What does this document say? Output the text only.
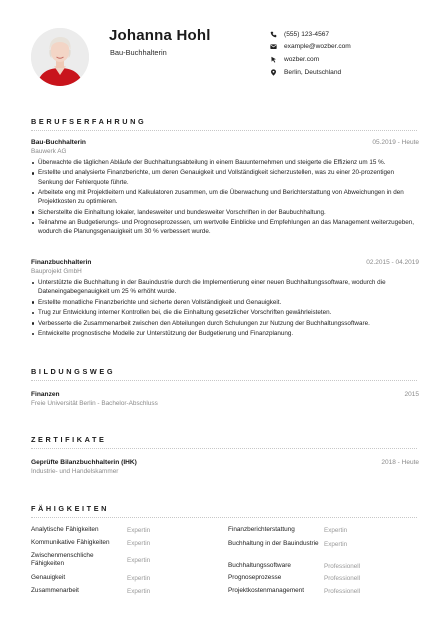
Johanna Hohl
Bau-Buchhalterin
(555) 123-4567
example@wozber.com
wozber.com
Berlin, Deutschland
BERUFSERFAHRUNG
Bau-Buchhalterin	05.2019 - Heute
Bauwerk AG
Überwachte die täglichen Abläufe der Buchhaltungsabteilung in einem Bauunternehmen und steigerte die Effizienz um 15 %.
Erstellte und analysierte Finanzberichte, um deren Genauigkeit und Vollständigkeit sicherzustellen, was zu einer 20-prozentigen Senkung der Fehlerquote führte.
Arbeitete eng mit Projektleitern und Kalkulatoren zusammen, um die Überwachung und Berichterstattung von Abweichungen in den Projektkosten zu optimieren.
Sicherstellte die Einhaltung lokaler, landesweiter und bundesweiter Vorschriften in der Baubuchhaltung.
Teilnahme an Budgetierungs- und Prognoseprozessen, um wertvolle Einblicke und Empfehlungen an das Management weiterzugeben, wodurch die Planungsgenauigkeit um 30 % verbessert wurde.
Finanzbuchhalterin	02.2015 - 04.2019
Bauprojekt GmbH
Unterstützte die Buchhaltung in der Bauindustrie durch die Implementierung einer neuen Buchhaltungssoftware, wodurch die Dateneingabegenauigkeit um 25 % erhöht wurde.
Erstellte monatliche Finanzberichte und sicherte deren Vollständigkeit und Genauigkeit.
Trug zur Entwicklung interner Kontrollen bei, die die Einhaltung gesetzlicher Vorschriften gewährleisteten.
Verbesserte die Zusammenarbeit zwischen den Abteilungen durch Schulungen zur Nutzung der Buchhaltungssoftware.
Entwickelte prognostische Modelle zur Unterstützung der Budgetierung und Finanzplanung.
BILDUNGSWEG
Finanzen	2015
Freie Universität Berlin - Bachelor-Abschluss
ZERTIFIKATE
Geprüfte Bilanzbuchhalterin (IHK)	2018 - Heute
Industrie- und Handelskammer
FÄHIGKEITEN
Analytische Fähigkeiten	Expertin
Kommunikative Fähigkeiten	Expertin
Zwischenmenschliche Fähigkeiten	Expertin
Genauigkeit	Expertin
Zusammenarbeit	Expertin
Finanzberichterstattung	Expertin
Buchhaltung in der Bauindustrie Expertin
Buchhaltungssoftware	Professionell
Prognoseprozesse	Professionell
Projektkostenmanagement	Professionell
